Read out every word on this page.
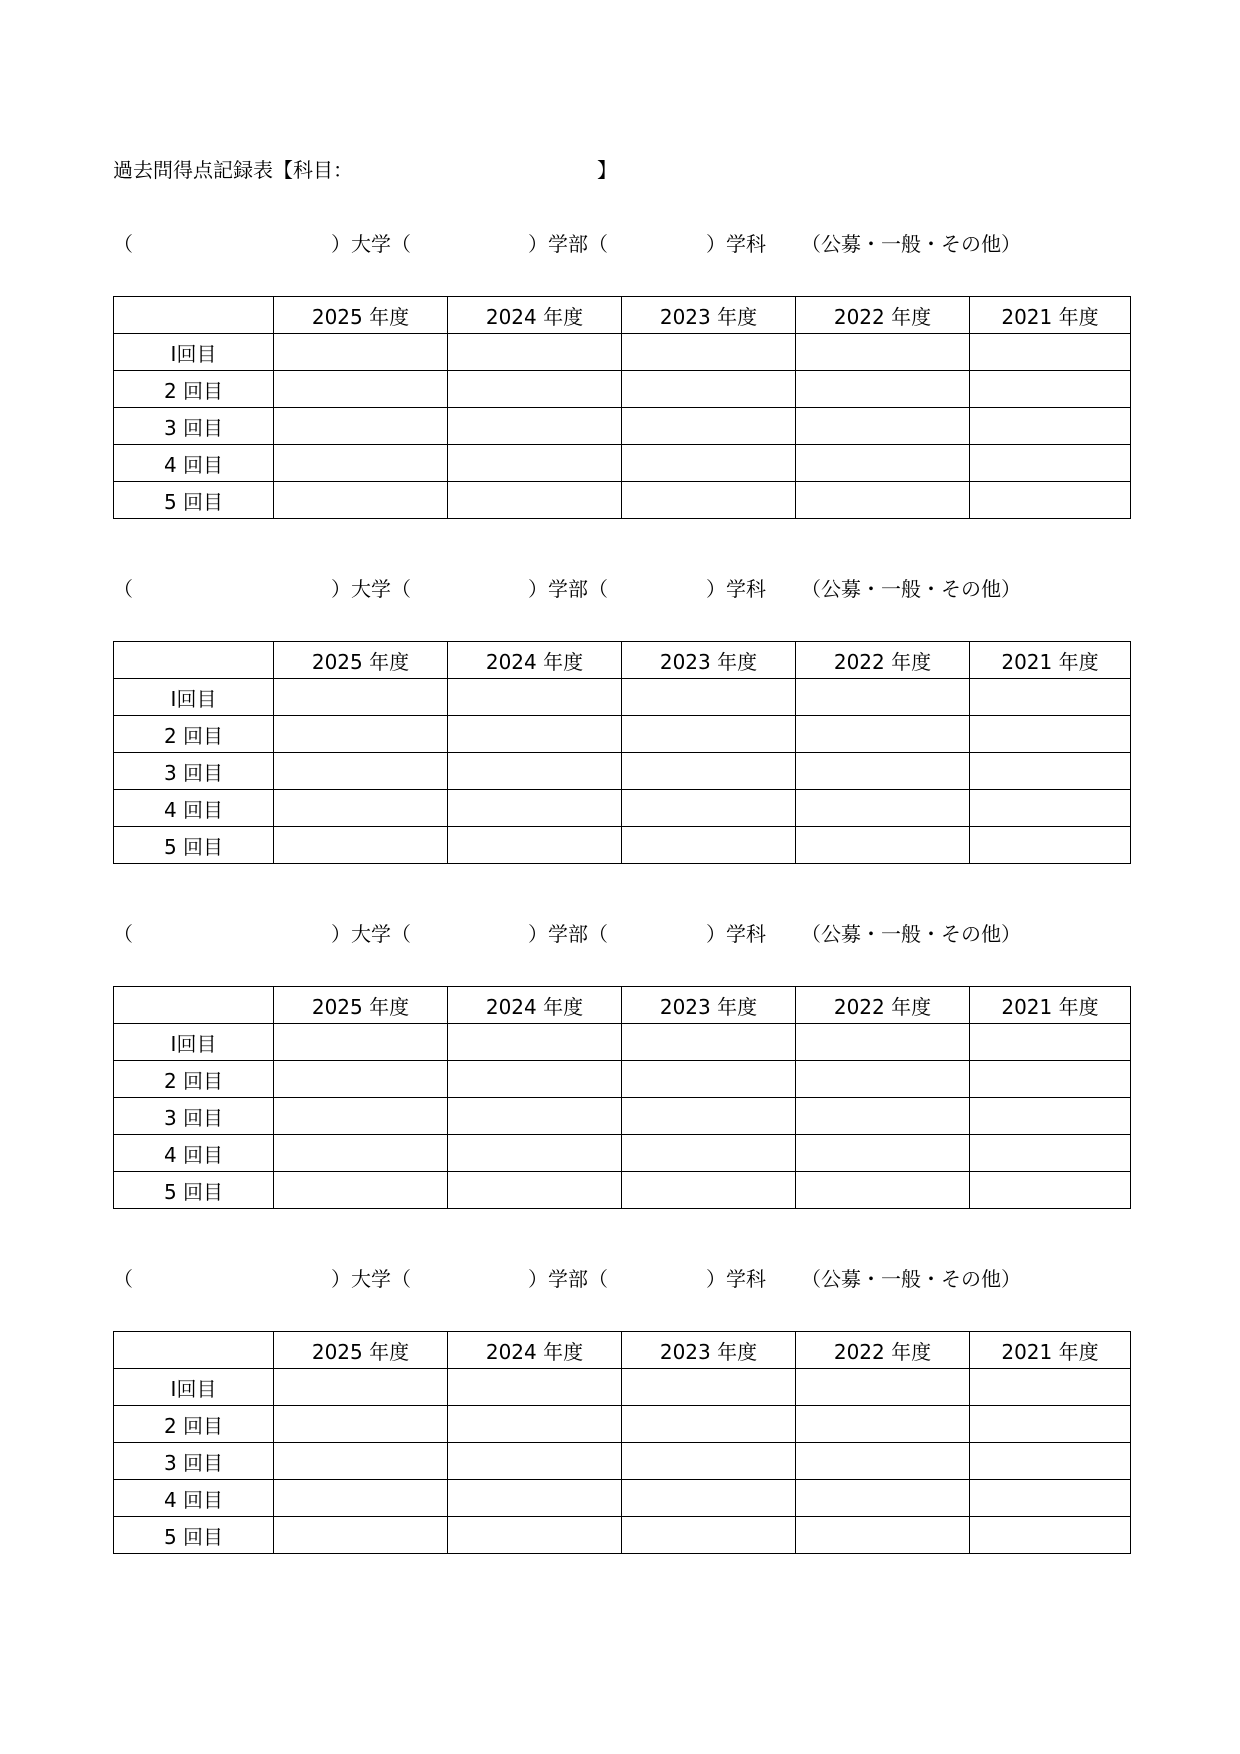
過去問得点記録表【科目：	】
（	）大学（	）学部（	）学科 （公募・一般・その他）
	2025 年度	2024 年度	2023 年度	2022 年度	2021 年度
Ⅰ回目					
2 回目					
3 回目					
4 回目					
5 回目					
（	）大学（	）学部（	）学科 （公募・一般・その他）
	2025 年度	2024 年度	2023 年度	2022 年度	2021 年度
Ⅰ回目					
2 回目					
3 回目					
4 回目					
5 回目					
（	）大学（	）学部（	）学科 （公募・一般・その他）
	2025 年度	2024 年度	2023 年度	2022 年度	2021 年度
Ⅰ回目					
2 回目					
3 回目					
4 回目					
5 回目					
（	）大学（	）学部（	）学科 （公募・一般・その他）
	2025 年度	2024 年度	2023 年度	2022 年度	2021 年度
Ⅰ回目					
2 回目					
3 回目					
4 回目					
5 回目					
